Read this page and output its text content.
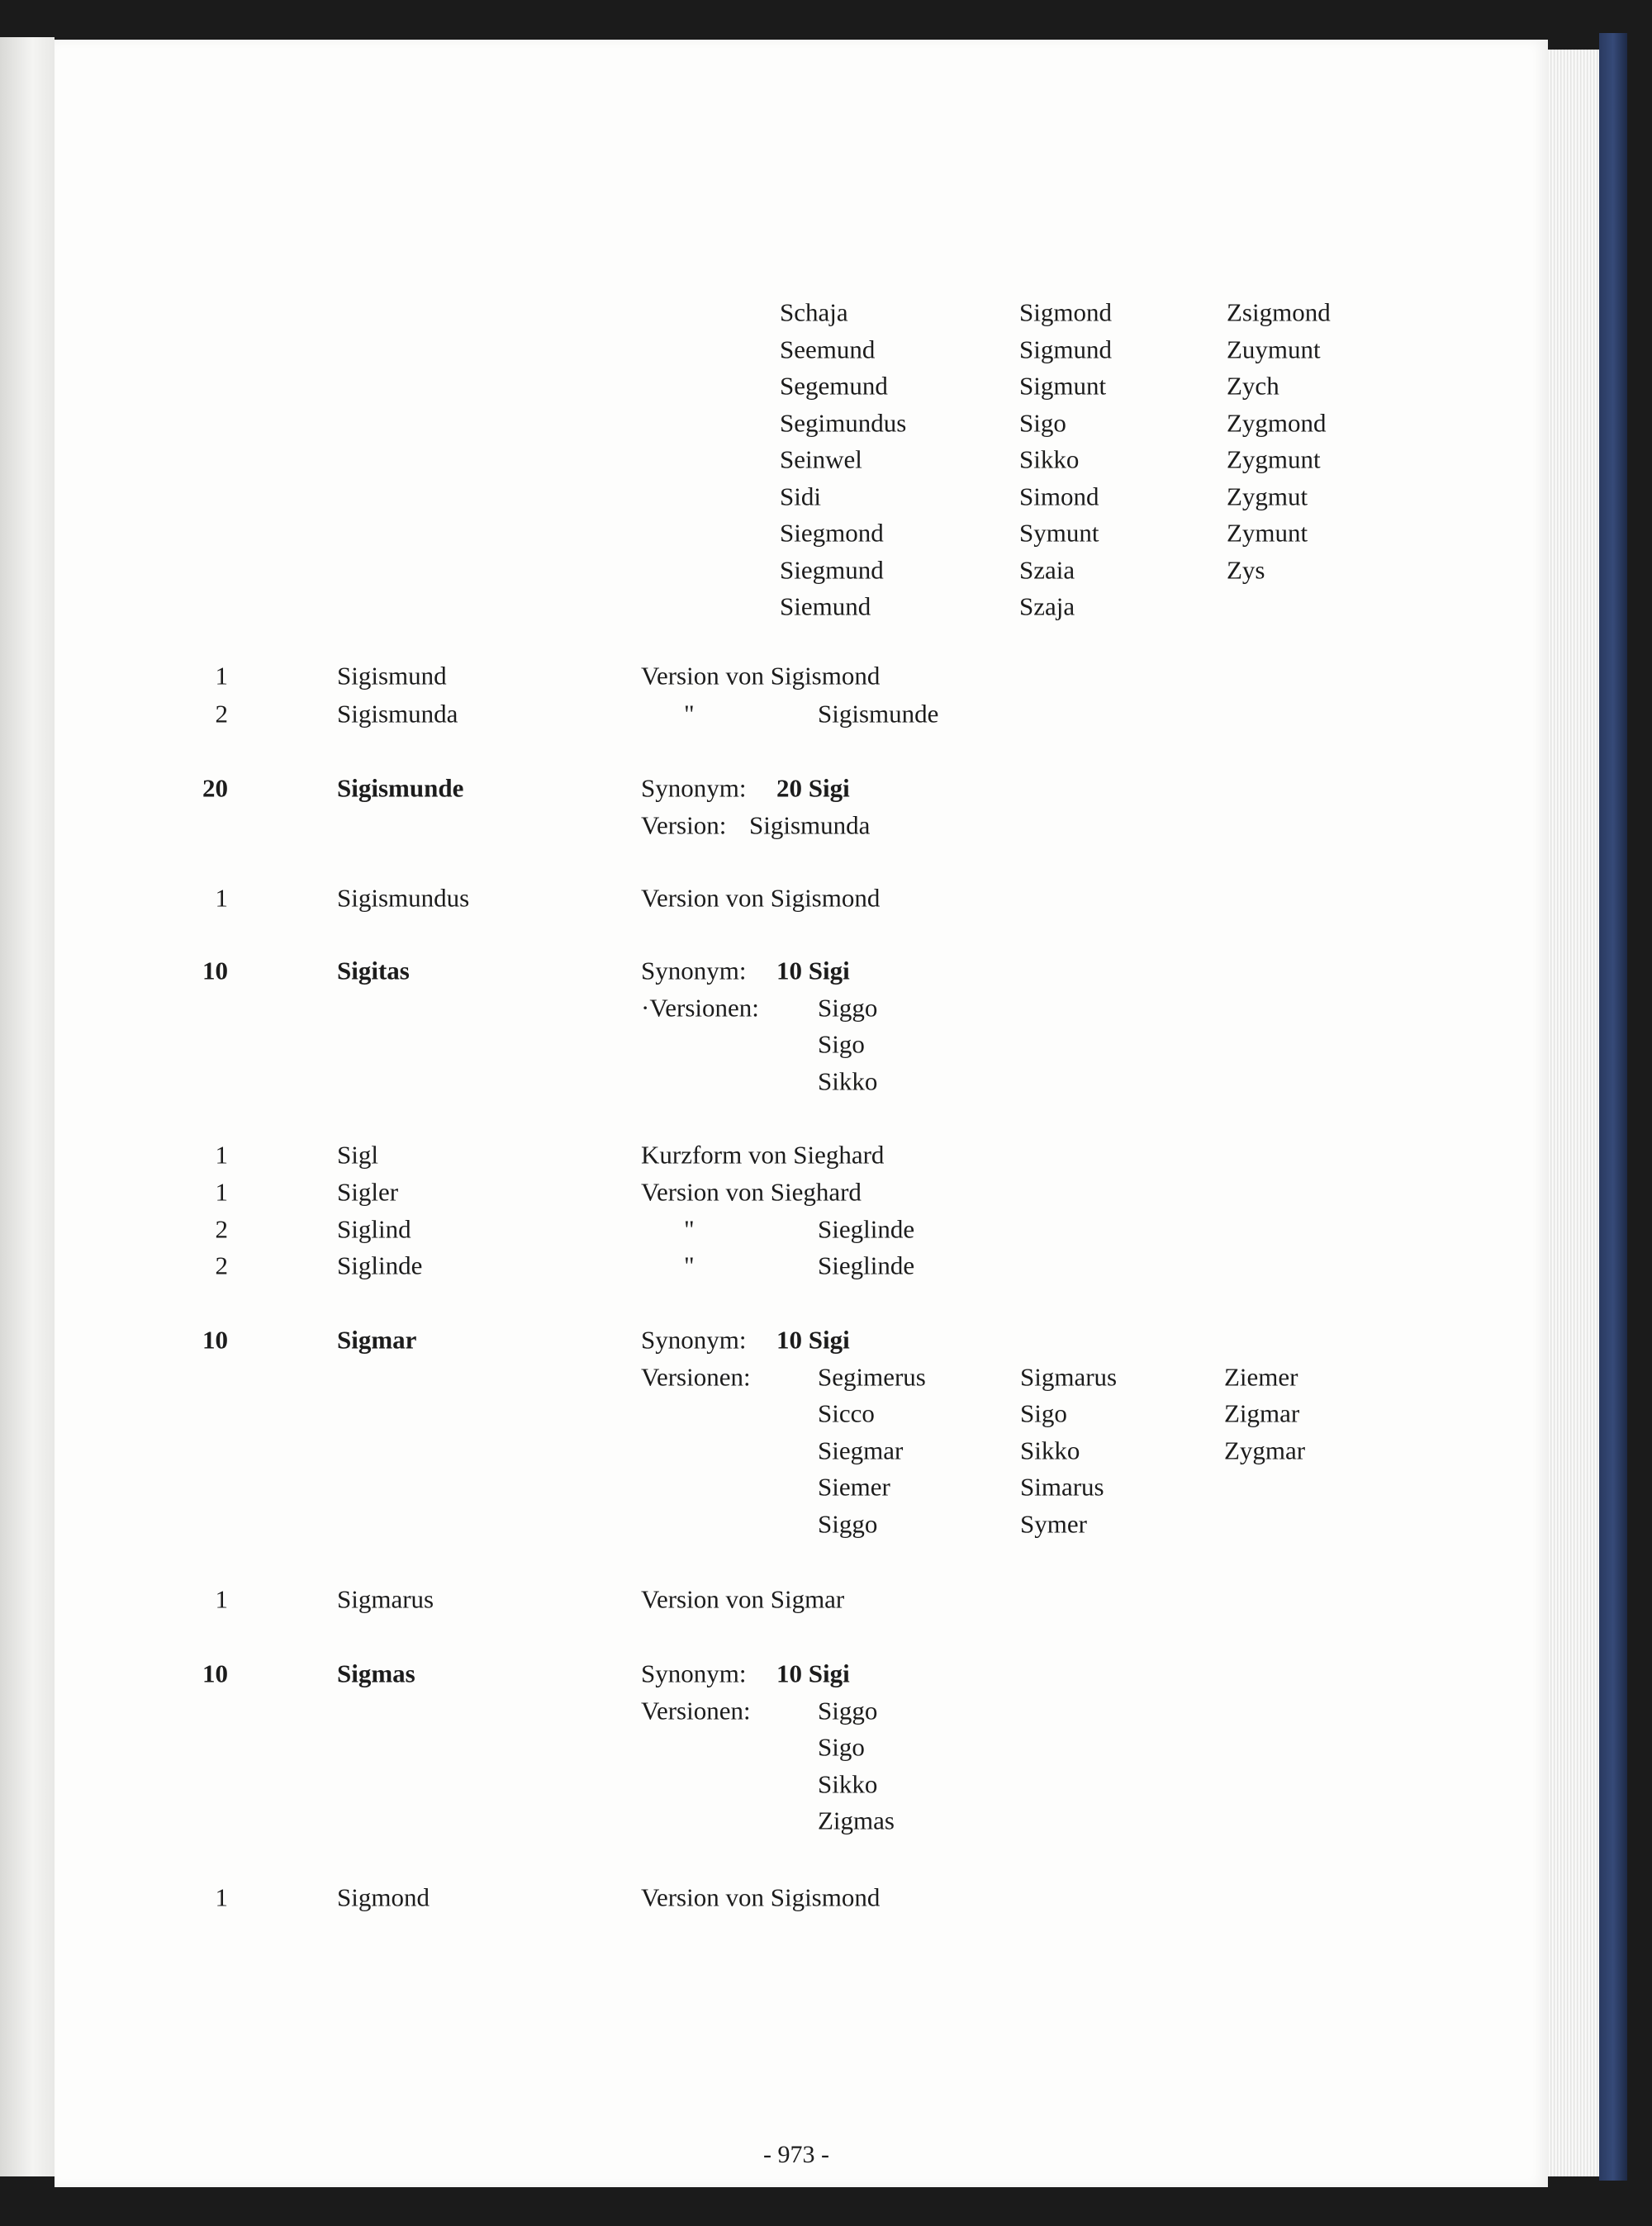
Schaja	Sigmond	Zsigmond
Seemund	Sigmund	Zuymunt
Segemund	Sigmunt	Zych
Segimundus	Sigo	Zygmond
Seinwel	Sikko	Zygmunt
Sidi	Simond	Zygmut
Siegmond	Symunt	Zymunt
Siegmund	Szaia	Zys
Siemund	Szaja
1	Sigismund	Version von Sigismond
2	Sigismunda	"	Sigismunde
20	Sigismunde	Synonym: 20 Sigi
Version: Sigismunda
1	Sigismundus	Version von Sigismond
10	Sigitas	Synonym: 10 Sigi
·Versionen: Siggo
Sigo
Sikko
1	Sigl	Kurzform von Sieghard
1	Sigler	Version von Sieghard
2	Siglind	"	Sieglinde
2	Siglinde	"	Sieglinde
10	Sigmar	Synonym: 10 Sigi
Versionen:	Segimerus	Sigmarus	Ziemer
Sicco	Sigo	Zigmar
Siegmar	Sikko	Zygmar
Siemer	Simarus
Siggo	Symer
1	Sigmarus	Version von Sigmar
10	Sigmas	Synonym: 10 Sigi
Versionen:	Siggo
Sigo
Sikko
Zigmas
1	Sigmond	Version von Sigismond
- 973 -
